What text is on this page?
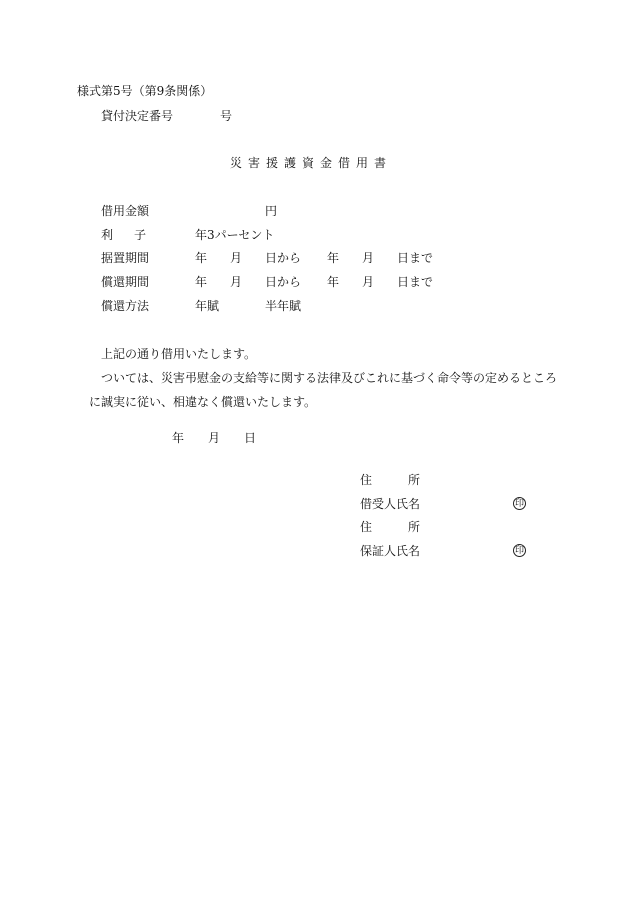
様式第5号（第9条関係）
貸付決定番号	号
災害援護資金借用書
借用金額	円
利 子	年3パーセント
据置期間	年 月 日から 年 月 日まで
償還期間	年 月 日から 年 月 日まで
償還方法	年賦	半年賦
上記の通り借用いたします。
ついては、災害弔慰金の支給等に関する法律及びこれに基づく命令等の定めるところ
に誠実に従い、相違なく償還いたします。
年 月 日
住	所
借受人氏名	印
住	所
保証人氏名	印
